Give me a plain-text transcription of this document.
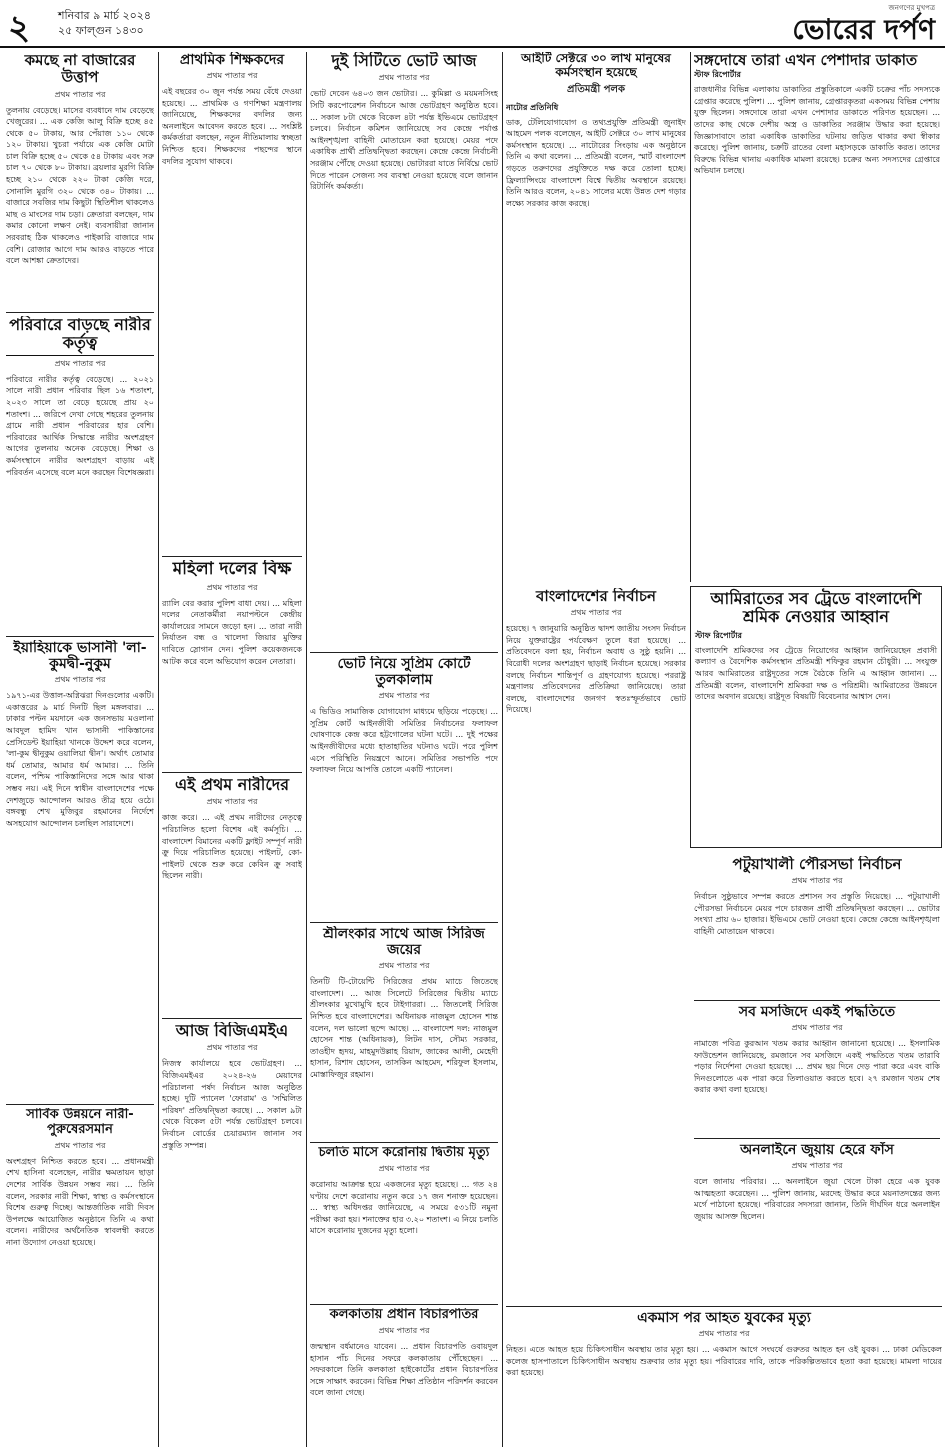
২	শনিবার ৯ মার্চ ২০২৪
২৫ ফাল্গুন ১৪৩০
জনগণের মুখপত্র
ভোরের দর্পণ
কমছে না বাজারের উত্তাপ
প্রথম পাতার পর
তুলনায় বেড়েছে। মাসের ব্যবধানে দাম বেড়েছে খেজুরের। ... এক কেজি আলু বিক্রি হচ্ছে ৪৫ থেকে ৫০ টাকায়, আর পেঁয়াজ ১১০ থেকে ১২০ টাকায়। খুচরা পর্যায়ে এক কেজি মোটা চাল বিক্রি হচ্ছে ৫০ থেকে ৫৪ টাকায় এবং সরু চাল ৭০ থেকে ৮০ টাকায়। ব্রয়লার মুরগি বিক্রি হচ্ছে ২১০ থেকে ২২০ টাকা কেজি দরে, সোনালি মুরগি ৩২০ থেকে ৩৪০ টাকায়। ... বাজারে সবজির দাম কিছুটা স্থিতিশীল থাকলেও মাছ ও মাংসের দাম চড়া। ক্রেতারা বলছেন, দাম কমার কোনো লক্ষণ নেই। ব্যবসায়ীরা জানান সরবরাহ ঠিক থাকলেও পাইকারি বাজারে দাম বেশি। রোজার আগে দাম আরও বাড়তে পারে বলে আশঙ্কা ক্রেতাদের।
পরিবারে বাড়ছে নারীর কর্তৃত্ব
প্রথম পাতার পর
পরিবারে নারীর কর্তৃত্ব বেড়েছে। ... ২০২১ সালে নারী প্রধান পরিবার ছিল ১৬ শতাংশ, ২০২৩ সালে তা বেড়ে হয়েছে প্রায় ২০ শতাংশ। ... জরিপে দেখা গেছে শহরের তুলনায় গ্রামে নারী প্রধান পরিবারের হার বেশি। পরিবারের আর্থিক সিদ্ধান্তে নারীর অংশগ্রহণ আগের তুলনায় অনেক বেড়েছে। শিক্ষা ও কর্মসংস্থানে নারীর অংশগ্রহণ বাড়ায় এই পরিবর্তন এসেছে বলে মনে করছেন বিশেষজ্ঞরা।
ইয়াহিয়াকে ভাসানী 'লা-কুমদ্বী-নুকুম
প্রথম পাতার পর
১৯৭১-এর উত্তাল-অগ্নিঝরা দিনগুলোর একটি। একাত্তরের ৯ মার্চ দিনটি ছিল মঙ্গলবার। ... ঢাকার পল্টন ময়দানে এক জনসভায় মওলানা আবদুল হামিদ খান ভাসানী পাকিস্তানের প্রেসিডেন্ট ইয়াহিয়া খানকে উদ্দেশ করে বলেন, 'লা-কুম দ্বীনুকুম ওয়ালিয়া দ্বীন'। অর্থাৎ তোমার ধর্ম তোমার, আমার ধর্ম আমার। ... তিনি বলেন, পশ্চিম পাকিস্তানিদের সঙ্গে আর থাকা সম্ভব নয়। এই দিনে স্বাধীন বাংলাদেশের পক্ষে দেশজুড়ে আন্দোলন আরও তীব্র হয়ে ওঠে। বঙ্গবন্ধু শেখ মুজিবুর রহমানের নির্দেশে অসহযোগ আন্দোলন চলছিল সারাদেশে।
সার্বিক উন্নয়নে নারী-পুরুষেরসমান
প্রথম পাতার পর
অংশগ্রহণ নিশ্চিত করতে হবে। ... প্রধানমন্ত্রী শেখ হাসিনা বলেছেন, নারীর ক্ষমতায়ন ছাড়া দেশের সার্বিক উন্নয়ন সম্ভব নয়। ... তিনি বলেন, সরকার নারী শিক্ষা, স্বাস্থ্য ও কর্মসংস্থানে বিশেষ গুরুত্ব দিচ্ছে। আন্তর্জাতিক নারী দিবস উপলক্ষে আয়োজিত অনুষ্ঠানে তিনি এ কথা বলেন। নারীদের অর্থনৈতিক স্বাবলম্বী করতে নানা উদ্যোগ নেওয়া হয়েছে।
প্রাথমিক শিক্ষকদের
প্রথম পাতার পর
এই বছরের ৩০ জুন পর্যন্ত সময় বেঁধে দেওয়া হয়েছে। ... প্রাথমিক ও গণশিক্ষা মন্ত্রণালয় জানিয়েছে, শিক্ষকদের বদলির জন্য অনলাইনে আবেদন করতে হবে। ... সংশ্লিষ্ট কর্মকর্তারা বলছেন, নতুন নীতিমালায় স্বচ্ছতা নিশ্চিত হবে। শিক্ষকদের পছন্দের স্থানে বদলির সুযোগ থাকবে।
মহিলা দলের বিক্ষ
প্রথম পাতার পর
র‍্যালি বের করার পুলিশ বাধা দেয়। ... মহিলা দলের নেতাকর্মীরা নয়াপল্টনে কেন্দ্রীয় কার্যালয়ের সামনে জড়ো হন। ... তারা নারী নির্যাতন বন্ধ ও খালেদা জিয়ার মুক্তির দাবিতে স্লোগান দেন। পুলিশ কয়েকজনকে আটক করে বলে অভিযোগ করেন নেতারা।
এই প্রথম নারীদের
প্রথম পাতার পর
কাজ করে। ... এই প্রথম নারীদের নেতৃত্বে পরিচালিত হলো বিশেষ এই কর্মসূচি। ... বাংলাদেশ বিমানের একটি ফ্লাইট সম্পূর্ণ নারী ক্রু দিয়ে পরিচালিত হয়েছে। পাইলট, কো-পাইলট থেকে শুরু করে কেবিন ক্রু সবাই ছিলেন নারী।
আজ বিজিএমইএ
প্রথম পাতার পর
নিজস্ব কার্যালয়ে হবে ভোটগ্রহণ। ... বিজিএমইএর ২০২৪-২৬ মেয়াদের পরিচালনা পর্ষদ নির্বাচন আজ অনুষ্ঠিত হচ্ছে। দুটি প্যানেল 'ফোরাম' ও 'সম্মিলিত পরিষদ' প্রতিদ্বন্দ্বিতা করছে। ... সকাল ৯টা থেকে বিকেল ৫টা পর্যন্ত ভোটগ্রহণ চলবে। নির্বাচন বোর্ডের চেয়ারম্যান জানান সব প্রস্তুতি সম্পন্ন।
দুই সিটিতে ভোট আজ
প্রথম পাতার পর
ভোট দেবেন ৬৪০৩ জন ভোটার। ... কুমিল্লা ও ময়মনসিংহ সিটি করপোরেশন নির্বাচনে আজ ভোটগ্রহণ অনুষ্ঠিত হবে। ... সকাল ৮টা থেকে বিকেল ৪টা পর্যন্ত ইভিএমে ভোটগ্রহণ চলবে। নির্বাচন কমিশন জানিয়েছে সব কেন্দ্রে পর্যাপ্ত আইনশৃঙ্খলা বাহিনী মোতায়েন করা হয়েছে। মেয়র পদে একাধিক প্রার্থী প্রতিদ্বন্দ্বিতা করছেন। কেন্দ্রে কেন্দ্রে নির্বাচনী সরঞ্জাম পৌঁছে দেওয়া হয়েছে। ভোটাররা যাতে নির্বিঘ্নে ভোট দিতে পারেন সেজন্য সব ব্যবস্থা নেওয়া হয়েছে বলে জানান রিটার্নিং কর্মকর্তা।
ভোট নিয়ে সুপ্রিম কোর্টে তুলকালাম
প্রথম পাতার পর
এ ভিডিও সামাজিক যোগাযোগ মাধ্যমে ছড়িয়ে পড়েছে। ... সুপ্রিম কোর্ট আইনজীবী সমিতির নির্বাচনের ফলাফল ঘোষণাকে কেন্দ্র করে হট্টগোলের ঘটনা ঘটে। ... দুই পক্ষের আইনজীবীদের মধ্যে হাতাহাতির ঘটনাও ঘটে। পরে পুলিশ এসে পরিস্থিতি নিয়ন্ত্রণে আনে। সমিতির সভাপতি পদে ফলাফল নিয়ে আপত্তি তোলে একটি প্যানেল।
শ্রীলংকার সাথে আজ সিরিজ জয়ের
প্রথম পাতার পর
তিনটি টি-টোয়েন্টি সিরিজের প্রথম ম্যাচে জিতেছে বাংলাদেশ। ... আজ সিলেটে সিরিজের দ্বিতীয় ম্যাচে শ্রীলংকার মুখোমুখি হবে টাইগাররা। ... জিতলেই সিরিজ নিশ্চিত হবে বাংলাদেশের। অধিনায়ক নাজমুল হোসেন শান্ত বলেন, দল ভালো ছন্দে আছে। ... বাংলাদেশ দল: নাজমুল হোসেন শান্ত (অধিনায়ক), লিটন দাস, সৌম্য সরকার, তাওহীদ হৃদয়, মাহমুদউল্লাহ রিয়াদ, জাকের আলী, মেহেদী হাসান, রিশাদ হোসেন, তাসকিন আহমেদ, শরিফুল ইসলাম, মোস্তাফিজুর রহমান।
চলতি মাসে করোনায় দ্বিতীয় মৃত্যু
প্রথম পাতার পর
করোনায় আক্রান্ত হয়ে একজনের মৃত্যু হয়েছে। ... গত ২৪ ঘণ্টায় দেশে করোনায় নতুন করে ১৭ জন শনাক্ত হয়েছেন। ... স্বাস্থ্য অধিদপ্তর জানিয়েছে, এ সময়ে ৫৩১টি নমুনা পরীক্ষা করা হয়। শনাক্তের হার ৩.২০ শতাংশ। এ নিয়ে চলতি মাসে করোনায় দুজনের মৃত্যু হলো।
কলকাতায় প্রধান বিচারপতির
প্রথম পাতার পর
জন্মস্থান বর্ধমানেও যাবেন। ... প্রধান বিচারপতি ওবায়দুল হাসান পাঁচ দিনের সফরে কলকাতায় পৌঁছেছেন। ... সফরকালে তিনি কলকাতা হাইকোর্টের প্রধান বিচারপতির সঙ্গে সাক্ষাৎ করবেন। বিভিন্ন শিক্ষা প্রতিষ্ঠান পরিদর্শন করবেন বলে জানা গেছে।
আইটি সেক্টরে ৩০ লাখ মানুষের কর্মসংস্থান হয়েছে
প্রতিমন্ত্রী পলক
নাটোর প্রতিনিধি
ডাক, টেলিযোগাযোগ ও তথ্যপ্রযুক্তি প্রতিমন্ত্রী জুনাইদ আহমেদ পলক বলেছেন, আইটি সেক্টরে ৩০ লাখ মানুষের কর্মসংস্থান হয়েছে। ... নাটোরের সিংড়ায় এক অনুষ্ঠানে তিনি এ কথা বলেন। ... প্রতিমন্ত্রী বলেন, স্মার্ট বাংলাদেশ গড়তে তরুণদের প্রযুক্তিতে দক্ষ করে তোলা হচ্ছে। ফ্রিল্যান্সিংয়ে বাংলাদেশ বিশ্বে দ্বিতীয় অবস্থানে রয়েছে। তিনি আরও বলেন, ২০৪১ সালের মধ্যে উন্নত দেশ গড়ার লক্ষ্যে সরকার কাজ করছে।
সঙ্গদোষে তারা এখন পেশাদার ডাকাত
স্টাফ রিপোর্টার
রাজধানীর বিভিন্ন এলাকায় ডাকাতির প্রস্তুতিকালে একটি চক্রের পাঁচ সদস্যকে গ্রেপ্তার করেছে পুলিশ। ... পুলিশ জানায়, গ্রেপ্তারকৃতরা একসময় বিভিন্ন পেশায় যুক্ত ছিলেন। সঙ্গদোষে তারা এখন পেশাদার ডাকাতে পরিণত হয়েছেন। ... তাদের কাছ থেকে দেশীয় অস্ত্র ও ডাকাতির সরঞ্জাম উদ্ধার করা হয়েছে। জিজ্ঞাসাবাদে তারা একাধিক ডাকাতির ঘটনায় জড়িত থাকার কথা স্বীকার করেছে। পুলিশ জানায়, চক্রটি রাতের বেলা মহাসড়কে ডাকাতি করত। তাদের বিরুদ্ধে বিভিন্ন থানায় একাধিক মামলা রয়েছে। চক্রের অন্য সদস্যদের গ্রেপ্তারে অভিযান চলছে।
আমিরাতের সব ট্রেডে বাংলাদেশি শ্রমিক নেওয়ার আহ্বান
স্টাফ রিপোর্টার
বাংলাদেশি শ্রমিকদের সব ট্রেডে নিয়োগের আহ্বান জানিয়েছেন প্রবাসী কল্যাণ ও বৈদেশিক কর্মসংস্থান প্রতিমন্ত্রী শফিকুর রহমান চৌধুরী। ... সংযুক্ত আরব আমিরাতের রাষ্ট্রদূতের সঙ্গে বৈঠকে তিনি এ আহ্বান জানান। ... প্রতিমন্ত্রী বলেন, বাংলাদেশি শ্রমিকরা দক্ষ ও পরিশ্রমী। আমিরাতের উন্নয়নে তাদের অবদান রয়েছে। রাষ্ট্রদূত বিষয়টি বিবেচনার আশ্বাস দেন।
বাংলাদেশের নির্বাচন
প্রথম পাতার পর
হয়েছে। ৭ জানুয়ারি অনুষ্ঠিত দ্বাদশ জাতীয় সংসদ নির্বাচন নিয়ে যুক্তরাষ্ট্রের পর্যবেক্ষণ তুলে ধরা হয়েছে। ... প্রতিবেদনে বলা হয়, নির্বাচন অবাধ ও সুষ্ঠু হয়নি। ... বিরোধী দলের অংশগ্রহণ ছাড়াই নির্বাচন হয়েছে। সরকার বলছে নির্বাচন শান্তিপূর্ণ ও গ্রহণযোগ্য হয়েছে। পররাষ্ট্র মন্ত্রণালয় প্রতিবেদনের প্রতিক্রিয়া জানিয়েছে। তারা বলছে, বাংলাদেশের জনগণ স্বতঃস্ফূর্তভাবে ভোট দিয়েছে।
পটুয়াখালী পৌরসভা নির্বাচন
প্রথম পাতার পর
নির্বাচন সুষ্ঠুভাবে সম্পন্ন করতে প্রশাসন সব প্রস্তুতি নিয়েছে। ... পটুয়াখালী পৌরসভা নির্বাচনে মেয়র পদে চারজন প্রার্থী প্রতিদ্বন্দ্বিতা করছেন। ... ভোটার সংখ্যা প্রায় ৬০ হাজার। ইভিএমে ভোট নেওয়া হবে। কেন্দ্রে কেন্দ্রে আইনশৃঙ্খলা বাহিনী মোতায়েন থাকবে।
সব মসজিদে একই পদ্ধতিতে
প্রথম পাতার পর
নামাজে পবিত্র কুরআন খতম করার আহ্বান জানানো হয়েছে। ... ইসলামিক ফাউন্ডেশন জানিয়েছে, রমজানে সব মসজিদে একই পদ্ধতিতে খতম তারাবি পড়ার নির্দেশনা দেওয়া হয়েছে। ... প্রথম ছয় দিনে দেড় পারা করে এবং বাকি দিনগুলোতে এক পারা করে তিলাওয়াত করতে হবে। ২৭ রমজান খতম শেষ করার কথা বলা হয়েছে।
অনলাইনে জুয়ায় হেরে ফাঁস
প্রথম পাতার পর
বলে জানায় পরিবার। ... অনলাইনে জুয়া খেলে টাকা হেরে এক যুবক আত্মহত্যা করেছেন। ... পুলিশ জানায়, মরদেহ উদ্ধার করে ময়নাতদন্তের জন্য মর্গে পাঠানো হয়েছে। পরিবারের সদস্যরা জানান, তিনি দীর্ঘদিন ধরে অনলাইন জুয়ায় আসক্ত ছিলেন।
একমাস পর আহত যুবকের মৃত্যু
প্রথম পাতার পর
নিহত। এতে আহত হয়ে চিকিৎসাধীন অবস্থায় তার মৃত্যু হয়। ... একমাস আগে সংঘর্ষে গুরুতর আহত হন ওই যুবক। ... ঢাকা মেডিকেল কলেজ হাসপাতালে চিকিৎসাধীন অবস্থায় শুক্রবার তার মৃত্যু হয়। পরিবারের দাবি, তাকে পরিকল্পিতভাবে হত্যা করা হয়েছে। মামলা দায়ের করা হয়েছে।
